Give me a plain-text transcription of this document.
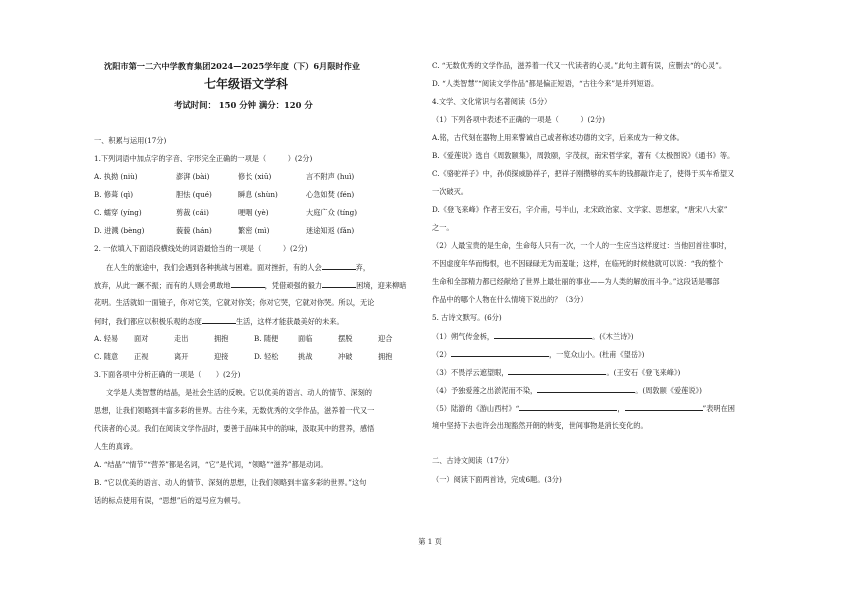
沈阳市第一二六中学教育集团2024—2025学年度（下）6月限时作业
七年级语文学科
考试时间： 150 分钟 满分：120 分
一、积累与运用(17分)
1.下列词语中加点字的字音、字形完全正确的一项是（　　　）(2分)
A. 执拗 (niù)	澎湃 (bài)	修长 (xiū)	言不附声 (huì)
B. 修葺 (qì)	胆怯 (qué)	瞬息 (shùn)	心急如焚 (fén)
C. 蠕穿 (yíng)	剪裁 (cái)	哽咽 (yè)	大庭广众 (tíng)
D. 迸溅 (bèng)	藐藐 (hán)	繁密 (mì)	迷途知返 (fǎn)
2. 一依填入下面语段横线处的词语最恰当的一项是（　　　）(2分)
在人生的旅途中，我们会遇到各种挑战与困难。面对挫折，有的人会	弃，
放弃，从此一蹶不振；而有的人则会勇敢地	，凭借顽强的毅力	困境，迎来柳暗
花明。生活就如一面镜子，你对它笑，它就对你笑；你对它哭，它就对你哭。所以，无论
何时，我们都应以积极乐观的态度	生活，这样才能获最美好的未来。
A. 轻易	面对	走出	拥抱	B. 随便	面临	摆脱	迎合
C. 随意	正视	离开	迎接	D. 轻松	挑战	冲破	拥抱
3.下面各项中分析正确的一项是（　　）(2分)
文学是人类智慧的结晶，是社会生活的反映。它以优美的语言、动人的情节、深刻的
思想，让我们领略到丰富多彩的世界。古往今来，无数优秀的文学作品，滋养着一代又一
代读者的心灵。我们在阅读文学作品时，要善于品味其中的韵味，汲取其中的营养，感悟
人生的真谛。
A. “结晶”“情节”“营养”都是名词，“它”是代词，“领略”“滋养”都是动词。
B. “它以优美的语言、动人的情节、深刻的思想，让我们领略到丰富多彩的世界。”这句
话的标点使用有误，“思想”后的逗号应为顿号。
C. “无数优秀的文学作品，滋养着一代又一代读者的心灵。”此句主谓有误，应删去“的心灵”。
D. “人类智慧”“阅读文学作品”都是偏正短语，“古往今来”是并列短语。
4.文学、文化常识与名著阅读（5分）
（1）下列各项中表述不正确的一项是（　　　）(2分)
A.铭，古代刻在器物上用来警诫自己或者称述功德的文字，后来成为一种文体。
B.《爱莲说》选自《周敦颐集》，周敦颐，字茂叔，南宋哲学家，著有《太极图说》《通书》等。
C.《骆驼祥子》中，孙侦探威胁祥子，把祥子刚攒够的买车的钱都敲诈走了，使得于买车希望又
一次破灭。
D.《登飞来峰》作者王安石，字介甫，号半山，北宋政治家、文学家、思想家，“唐宋八大家”
之一。
（2）人最宝贵的是生命，生命每人只有一次，一个人的一生应当这样度过：当他回首往事时，
不因虚度年华而悔恨，也不因碌碌无为而羞耻；这样，在临死的时候他就可以说：“我的整个
生命和全部精力都已经献给了世界上最壮丽的事业——为人类的解放而斗争。”这段话是哪部
作品中的哪个人物在什么情境下说出的？（3分）
5. 古诗文默写。(6分)
（1）朔气传金柝，	。(《木兰诗》)
（2）	，一览众山小。(杜甫《望岳》)
（3）不畏浮云遮望眼，	。(王安石《登飞来峰》)
（4）予独爱莲之出淤泥而不染，	。(周敦颐《爱莲说》)
（5）陆游的《游山西村》“	，	”表明在困
境中坚持下去也许会出现豁然开朗的转变，世间事物是消长变化的。
二、古诗文阅读（17分）
（一）阅读下面两首诗，完成6题。(3分)
第 1 页
